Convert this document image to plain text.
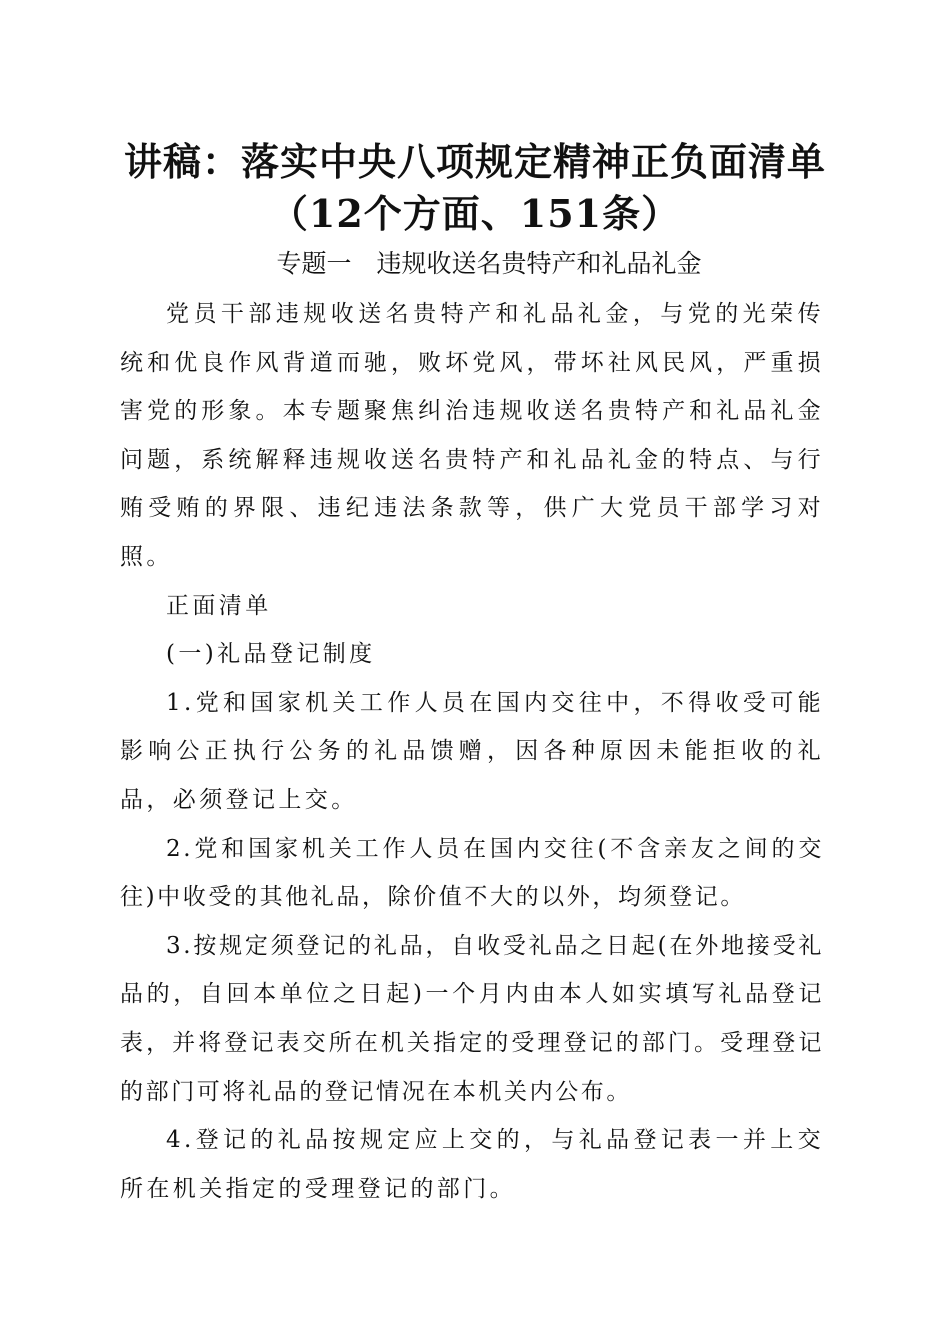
讲稿：落实中央八项规定精神正负面清单
（12个方面、151条）
专题一　违规收送名贵特产和礼品礼金

党员干部违规收送名贵特产和礼品礼金，与党的光荣传统和优良作风背道而驰，败坏党风，带坏社风民风，严重损害党的形象。本专题聚焦纠治违规收送名贵特产和礼品礼金问题，系统解释违规收送名贵特产和礼品礼金的特点、与行贿受贿的界限、违纪违法条款等，供广大党员干部学习对照。

正面清单

(一)礼品登记制度

1.党和国家机关工作人员在国内交往中，不得收受可能影响公正执行公务的礼品馈赠，因各种原因未能拒收的礼品，必须登记上交。

2.党和国家机关工作人员在国内交往(不含亲友之间的交往)中收受的其他礼品，除价值不大的以外，均须登记。

3.按规定须登记的礼品，自收受礼品之日起(在外地接受礼品的，自回本单位之日起)一个月内由本人如实填写礼品登记表，并将登记表交所在机关指定的受理登记的部门。受理登记的部门可将礼品的登记情况在本机关内公布。

4.登记的礼品按规定应上交的，与礼品登记表一并上交所在机关指定的受理登记的部门。
